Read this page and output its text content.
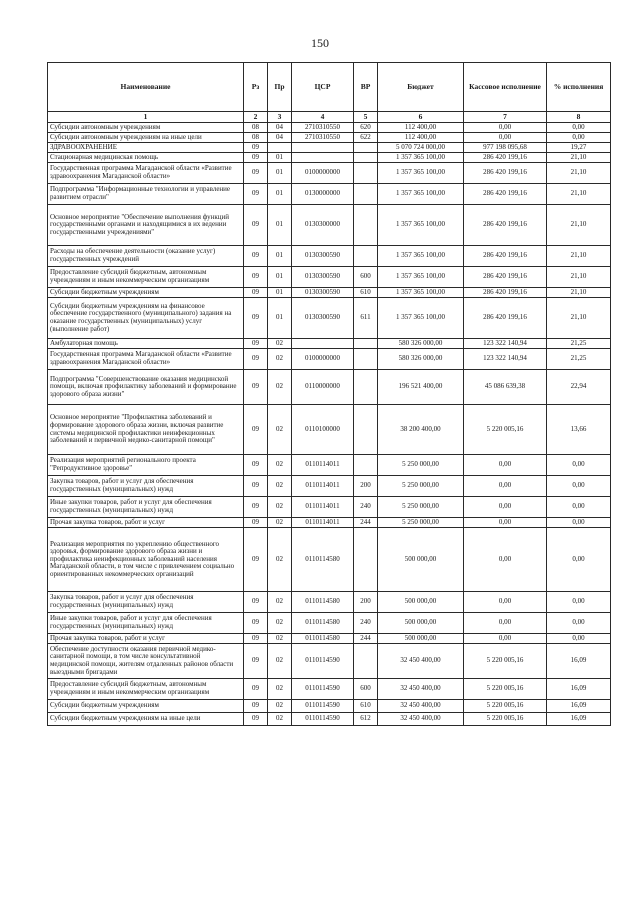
150
Наименование	Рз	Пр	ЦСР	ВР	Бюджет	Кассовое исполнение	% исполнения
1	2	3	4	5	6	7	8
Субсидии автономным учреждениям	08	04	2710310550	620	112 400,00	0,00	0,00
Субсидии автономным учреждениям на иные цели	08	04	2710310550	622	112 400,00	0,00	0,00
ЗДРАВООХРАНЕНИЕ	09				5 070 724 000,00	977 198 095,68	19,27
Стационарная медицинская помощь	09	01			1 357 365 100,00	286 420 199,16	21,10
Государственная программа Магаданской области «Развитие здравоохранения Магаданской области»	09	01	0100000000		1 357 365 100,00	286 420 199,16	21,10
Подпрограмма "Информационные технологии и управление развитием отрасли"	09	01	0130000000		1 357 365 100,00	286 420 199,16	21,10
Основное мероприятие "Обеспечение выполнения функций государственными органами и находящимися в их ведении государственными учреждениями"	09	01	0130300000		1 357 365 100,00	286 420 199,16	21,10
Расходы на обеспечение деятельности (оказание услуг) государственных учреждений	09	01	0130300590		1 357 365 100,00	286 420 199,16	21,10
Предоставление субсидий бюджетным, автономным учреждениям и иным некоммерческим организациям	09	01	0130300590	600	1 357 365 100,00	286 420 199,16	21,10
Субсидии бюджетным учреждениям	09	01	0130300590	610	1 357 365 100,00	286 420 199,16	21,10
Субсидии бюджетным учреждениям на финансовое обеспечение государственного (муниципального) задания на оказание государственных (муниципальных) услуг (выполнение работ)	09	01	0130300590	611	1 357 365 100,00	286 420 199,16	21,10
Амбулаторная помощь	09	02			580 326 000,00	123 322 140,94	21,25
Государственная программа Магаданской области «Развитие здравоохранения Магаданской области»	09	02	0100000000		580 326 000,00	123 322 140,94	21,25
Подпрограмма "Совершенствование оказания медицинской помощи, включая профилактику заболеваний и формирование здорового образа жизни"	09	02	0110000000		196 521 400,00	45 086 639,38	22,94
Основное мероприятие "Профилактика заболеваний и формирование здорового образа жизни, включая развитие системы медицинской профилактики неинфекционных заболеваний и первичной медико-санитарной помощи"	09	02	0110100000		38 200 400,00	5 220 005,16	13,66
Реализация мероприятий регионального проекта "Репродуктивное здоровье"	09	02	0110114011		5 250 000,00	0,00	0,00
Закупка товаров, работ и услуг для обеспечения государственных (муниципальных) нужд	09	02	0110114011	200	5 250 000,00	0,00	0,00
Иные закупки товаров, работ и услуг для обеспечения государственных (муниципальных) нужд	09	02	0110114011	240	5 250 000,00	0,00	0,00
Прочая закупка товаров, работ и услуг	09	02	0110114011	244	5 250 000,00	0,00	0,00
Реализация мероприятия по укреплению общественного здоровья, формирование здорового образа жизни и профилактика неинфекционных заболеваний населения Магаданской области, в том числе с привлечением социально ориентированных некоммерческих организаций	09	02	0110114580		500 000,00	0,00	0,00
Закупка товаров, работ и услуг для обеспечения государственных (муниципальных) нужд	09	02	0110114580	200	500 000,00	0,00	0,00
Иные закупки товаров, работ и услуг для обеспечения государственных (муниципальных) нужд	09	02	0110114580	240	500 000,00	0,00	0,00
Прочая закупка товаров, работ и услуг	09	02	0110114580	244	500 000,00	0,00	0,00
Обеспечение доступности оказания первичной медико-санитарной помощи, в том числе консультативной медицинской помощи, жителям отдаленных районов области выездными бригадами	09	02	0110114590		32 450 400,00	5 220 005,16	16,09
Предоставление субсидий бюджетным, автономным учреждениям и иным некоммерческим организациям	09	02	0110114590	600	32 450 400,00	5 220 005,16	16,09
Субсидии бюджетным учреждениям	09	02	0110114590	610	32 450 400,00	5 220 005,16	16,09
Субсидии бюджетным учреждениям на иные цели	09	02	0110114590	612	32 450 400,00	5 220 005,16	16,09
